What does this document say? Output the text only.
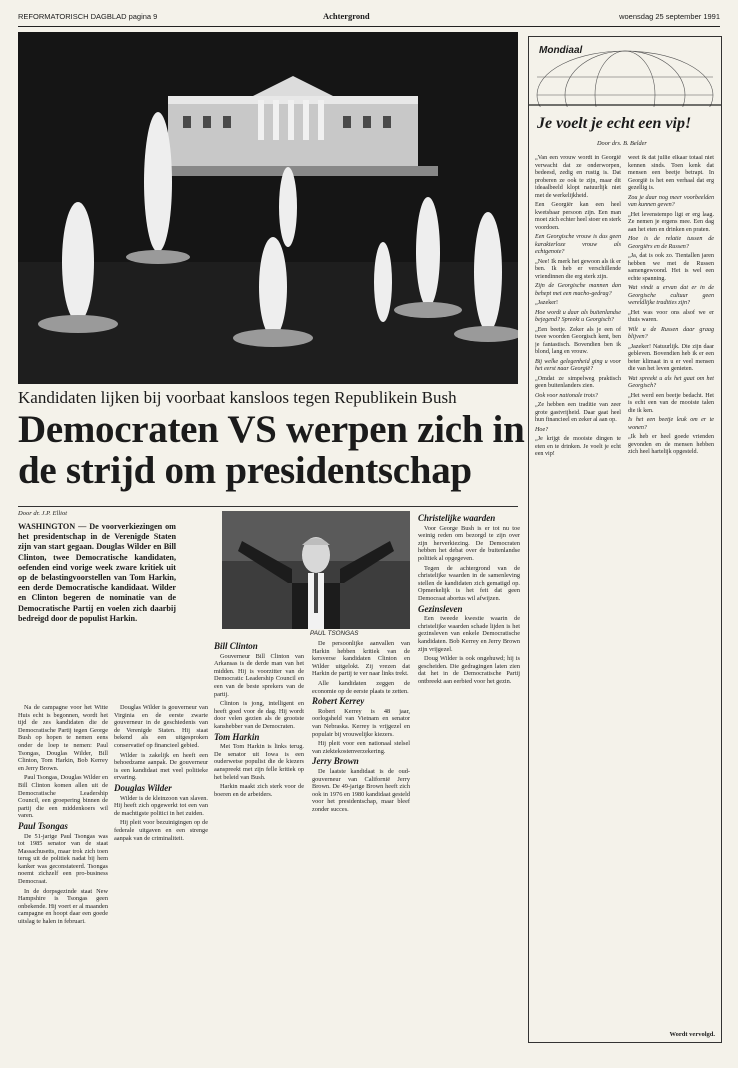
REFORMATORISCH DAGBLAD pagina 9	Achtergrond	woensdag 25 september 1991
Kandidaten lijken bij voorbaat kansloos tegen Republikein Bush
Democraten VS werpen zich in
de strijd om presidentschap
Door dr. J.P. Elliot
WASHINGTON — De voorverkiezingen om het presidentschap in de Verenigde Staten zijn van start gegaan. Douglas Wilder en Bill Clinton, twee Democratische kandidaten, oefenden eind vorige week zware kritiek uit op de belastingvoorstellen van Tom Harkin, een derde Democratische kandidaat. Wilder en Clinton begeren de nominatie van de Democratische Partij en voelen zich daarbij bedreigd door de populist Harkin.

Na de campagne voor het Witte Huis echt is begonnen, wordt het tijd de zes kandidaten die de Democratische Partij tegen George Bush op hopen te nemen eens onder de loep te nemen: Paul Tsongas, Douglas Wilder, Bill Clinton, Tom Harkin, Bob Kerrey en Jerry Brown.

Paul Tsongas, Douglas Wilder en Bill Clinton komen allen uit de Democratische Leadership Council, een groepering binnen de partij die een middenkoers wil varen.

Paul Tsongas

De 51-jarige Paul Tsongas was tot 1985 senator van de staat Massachusetts, maar trok zich toen terug uit de politiek nadat bij hem kanker was geconstateerd. Tsongas noemt zichzelf een pro-business Democraat.

In de dorpsgezinde staat New Hampshire is Tsongas geen onbekende. Hij voert er al maanden campagne en hoopt daar een goede uitslag te halen in februari.

Douglas Wilder is gouverneur van Virginia en de eerste zwarte gouverneur in de geschiedenis van de Verenigde Staten. Hij staat bekend als een uitgesproken conservatief op financieel gebied.

Wilder is zakelijk en heeft een behoedzame aanpak. De gouverneur is een kandidaat met veel politieke ervaring.

Douglas Wilder

Wilder is de kleinzoon van slaven. Hij heeft zich opgewerkt tot een van de machtigste politici in het zuiden.

Hij pleit voor bezuinigingen op de federale uitgaven en een strenge aanpak van de criminaliteit.

PAUL TSONGAS
Bill Clinton

Gouverneur Bill Clinton van Arkansas is de derde man van het midden. Hij is voorzitter van de Democratic Leadership Council en een van de beste sprekers van de partij.

Clinton is jong, intelligent en heeft goed voor de dag. Hij wordt door velen gezien als de grootste kanshebber van de Democraten.

Tom Harkin

Met Tom Harkin is links terug. De senator uit Iowa is een ouderwetse populist die de kiezers aanspreekt met zijn felle kritiek op het beleid van Bush.

Harkin maakt zich sterk voor de boeren en de arbeiders.

De persoonlijke aanvallen van Harkin hebben kritiek van de kersverse kandidaten Clinton en Wilder uitgelokt. Zij vrezen dat Harkin de partij te ver naar links trekt.

Alle kandidaten zeggen de economie op de eerste plaats te zetten.

Robert Kerrey

Robert Kerrey is 48 jaar, oorlogsheld van Vietnam en senator van Nebraska. Kerrey is vrijgezel en populair bij vrouwelijke kiezers.

Hij pleit voor een nationaal stelsel van ziektekostenverzekering.

Jerry Brown

De laatste kandidaat is de oud-gouverneur van Californië Jerry Brown. De 49-jarige Brown heeft zich ook in 1976 en 1980 kandidaat gesteld voor het presidentschap, maar bleef zonder succes.

Christelijke waarden

Voor George Bush is er tot nu toe weinig reden om bezorgd te zijn over zijn herverkiezing. De Democraten hebben het debat over de buitenlandse politiek al opgegeven.

Tegen de achtergrond van de christelijke waarden in de samenleving stellen de kandidaten zich gematigd op. Opmerkelijk is het feit dat geen Democraat abortus wil afwijzen.

Gezinsleven

Een tweede kwestie waarin de christelijke waarden schade lijden is het gezinsleven van enkele Democratische kandidaten. Bob Kerrey en Jerry Brown zijn vrijgezel.

Doug Wilder is ook ongehuwd; hij is gescheiden. Die gedragingen laten zien dat het in de Democratische Partij ontbreekt aan eerbied voor het gezin.

Mondiaal
Je voelt je echt een vip!
Door drs. B. Belder

„Van een vrouw wordt in Georgië verwacht dat ze onderworpen, bedeesd, zedig en rustig is. Dat proberen ze ook te zijn, maar dit ideaalbeeld klopt natuurlijk niet met de werkelijkheid.

Een Georgiër kan een heel kwetsbaar persoon zijn. Een man moet zich echter heel stoer en sterk voordoen.

Een Georgische vrouw is dus geen karakterloze vrouw als echtgenote?

„Nee! Ik merk het gewoon als ik er ben. Ik heb er verschillende vriendinnen die erg sterk zijn.

Zijn de Georgische mannen dan behept met een macho-gedrag?

„Jazeker!

Hoe wordt u daar als buitenlandse bejegend? Spreekt u Georgisch?

„Een beetje. Zeker als je een of twee woorden Georgisch kent, ben je fantastisch. Bovendien ben ik blond, lang en vrouw.

Bij welke gelegenheid ging u voor het eerst naar Georgië?

„Omdat ze simpelweg praktisch geen buitenlanders zien.

Ook voor nationale trots?

„Ze hebben een traditie van zeer grote gastvrijheid. Daar gaat heel hun financieel en zeker al aan op.

Hoe?

„Je krijgt de mooiste dingen te eten en te drinken. Je voelt je echt een vip!

weet ik dat jullie elkaar totaal niet kennen sinds. Toen kenk dat mensen een beetje betrapt. In Georgië is het een verhaal dat erg gezellig is.

Zou je daar nog meer voorbeelden van kunnen geven?

„Het levenstempo ligt er erg laag. Ze nemen je ergens mee. Een dag aan het eten en drinken en praten.

Hoe is de relatie tussen de Georgiërs en de Russen?

„Ja, dat is ook zo. Tientallen jaren hebben we met de Russen samengewoond. Het is wel een echte spanning.

Wat vindt u ervan dat er in de Georgische cultuur geen wereldlijke tradities zijn?

„Het was voor ons alsof we er thuis waren.

Wilt u de Russen daar graag blijven?

„Jazeker! Natuurlijk. Die zijn daar gebleven. Bovendien heb ik er een beter klimaat in u er veel mensen die van het leven genieten.

Wat spreekt u als het gaat om het Georgisch?

„Het werd een beetje bedacht. Het is echt een van de mooiste talen die ik ken.

Is het een beetje leuk om er te wonen?

„Ik heb er heel goede vrienden gevonden en de mensen hebben zich heel hartelijk opgesteld.

Wordt vervolgd.
